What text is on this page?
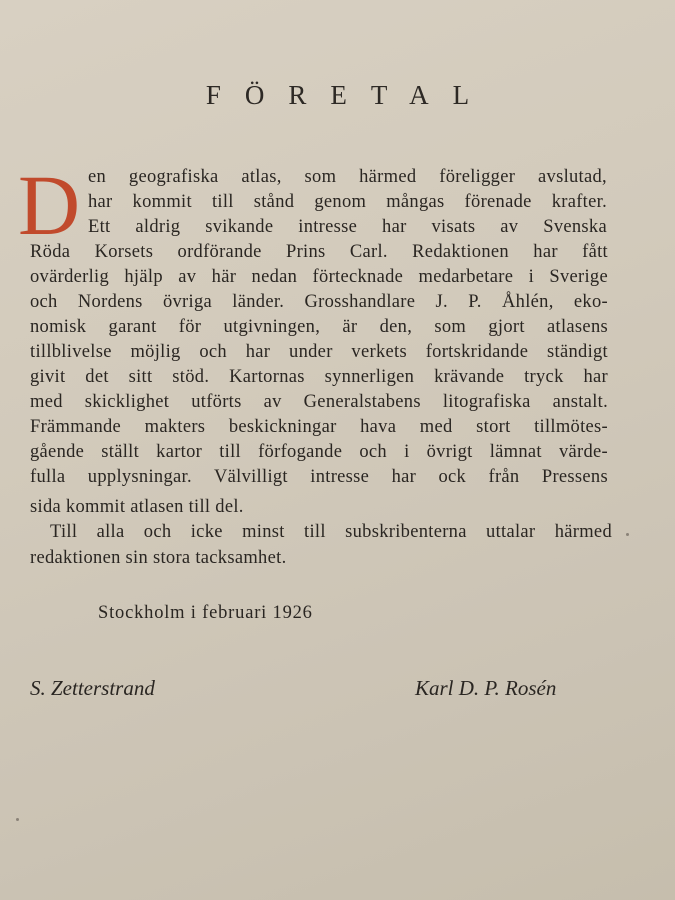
FÖRETAL
D en geografiska atlas, som härmed föreligger avslutad,
har kommit till stånd genom mångas förenade krafter.
Ett aldrig svikande intresse har visats av Svenska
Röda Korsets ordförande Prins Carl. Redaktionen har fått
ovärderlig hjälp av här nedan förtecknade medarbetare i Sverige
och Nordens övriga länder. Grosshandlare J. P. Åhlén, eko-
nomisk garant för utgivningen, är den, som gjort atlasens
tillblivelse möjlig och har under verkets fortskridande ständigt
givit det sitt stöd. Kartornas synnerligen krävande tryck har
med skicklighet utförts av Generalstabens litografiska anstalt.
Främmande makters beskickningar hava med stort tillmötes-
gående ställt kartor till förfogande och i övrigt lämnat värde-
fulla upplysningar. Välvilligt intresse har ock från Pressens
sida kommit atlasen till del.
Till alla och icke minst till subskribenterna uttalar härmed
redaktionen sin stora tacksamhet.
Stockholm i februari 1926
S. Zetterstrand	Karl D. P. Rosén
